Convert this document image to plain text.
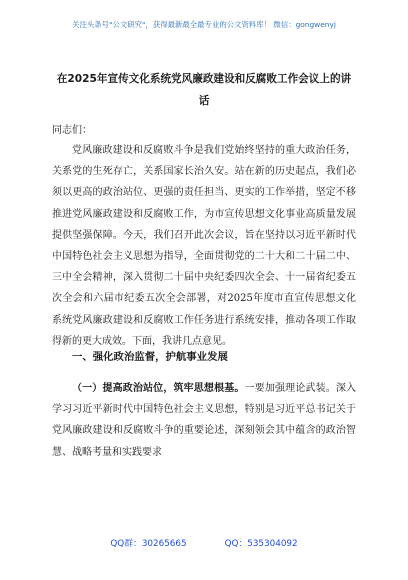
关注头条号"公文研究"，获得最新最全最专业的公文资料库！ 微信：gongwenyj
在2025年宣传文化系统党风廉政建设和反腐败工作会议上的讲话

同志们：

党风廉政建设和反腐败斗争是我们党始终坚持的重大政治任务，关系党的生死存亡，关系国家长治久安。站在新的历史起点，我们必须以更高的政治站位、更强的责任担当、更实的工作举措，坚定不移推进党风廉政建设和反腐败工作，为市宣传思想文化事业高质量发展提供坚强保障。今天，我们召开此次会议，旨在坚持以习近平新时代中国特色社会主义思想为指导，全面贯彻党的二十大和二十届二中、三中全会精神，深入贯彻二十届中央纪委四次全会、十一届省纪委五次全会和六届市纪委五次全会部署，对2025年度市直宣传思想文化系统党风廉政建设和反腐败工作任务进行系统安排，推动各项工作取得新的更大成效。下面，我讲几点意见。

一、强化政治监督，护航事业发展

（一）提高政治站位，筑牢思想根基。一要加强理论武装。深入学习习近平新时代中国特色社会主义思想，特别是习近平总书记关于党风廉政建设和反腐败斗争的重要论述，深刻领会其中蕴含的政治智慧、战略考量和实践要求

QQ群：30265665	QQ：535304092
